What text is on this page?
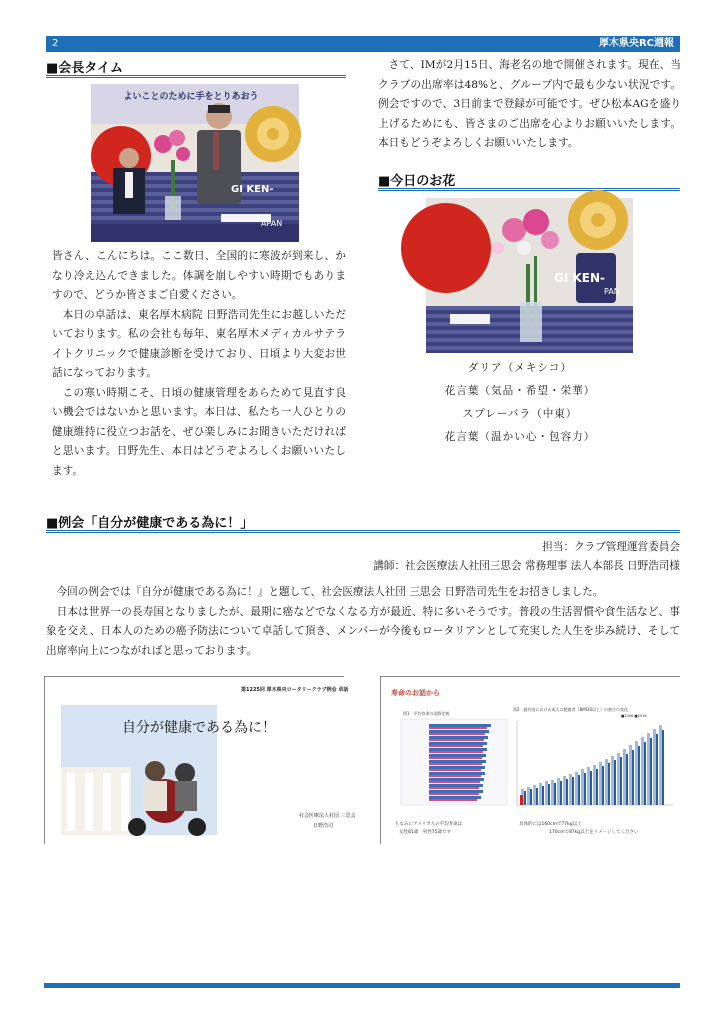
2	厚木県央RC週報
■会長タイム
よいことのために手をとりあおう
GI KEN-
APAN

皆さん、こんにちは。ここ数日、全国的に寒波が到来し、かなり冷え込んできました。体調を崩しやすい時期でもありますので、どうか皆さまご自愛ください。

本日の卓話は、東名厚木病院 日野浩司先生にお越しいただいております。私の会社も毎年、東名厚木メディカルサテライトクリニックで健康診断を受けており、日頃より大変お世話になっております。

この寒い時期こそ、日頃の健康管理をあらためて見直す良い機会ではないかと思います。本日は、私たち一人ひとりの健康維持に役立つお話を、ぜひ楽しみにお聞きいただければと思います。日野先生、本日はどうぞよろしくお願いいたします。

さて、IMが2月15日、海老名の地で開催されます。現在、当クラブの出席率は48%と、グループ内で最も少ない状況です。例会ですので、3日前まで登録が可能です。ぜひ松本AGを盛り上げるためにも、皆さまのご出席を心よりお願いいたします。本日もどうぞよろしくお願いいたします。

■今日のお花
GI KEN-
PAN
ダリア（メキシコ）
花言葉（気品・希望・栄華）
スプレーバラ（中東）
花言葉（温かい心・包容力）
■例会「自分が健康である為に！」
担当：クラブ管理運営委員会
講師：社会医療法人社団三思会 常務理事 法人本部長 日野浩司様

今回の例会では『自分が健康である為に！』と題して、社会医療法人社団 三思会 日野浩司先生をお招きしました。

日本は世界一の長寿国となりましたが、最期に癌などでなくなる方が最近、特に多いそうです。普段の生活習慣や食生活など、事象を交え、日本人のための癌予防法について卓話して頂き、メンバーが今後もロータリアンとして充実した人生を歩み続け、そして出席率向上につながればと思っております。

第1225回 厚木県央ロータリークラブ例会 卓話
自分が健康である為に！
社会医療法人社団 三思会
日野浩司
寿命のお話から
図1　平均寿命の国際比較
図2　諸外国における成人の肥満者（BMI30以上）の割合の変化
■2006 ■2016
ちなみにアメリカ人の平均寿命は
女性81歳　男性75歳です
具体的には160cmで77kg以上
170cmで87kg以上をイメージしてください
